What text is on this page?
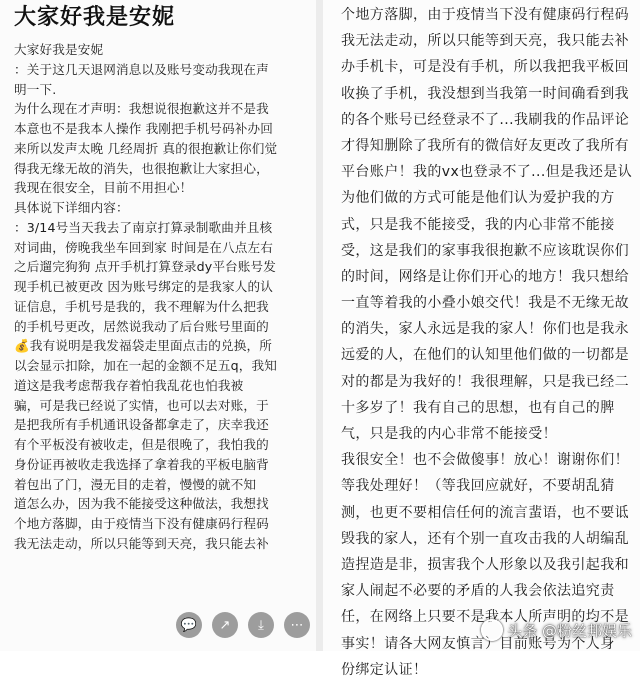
大家好我是安妮
大家好我是安妮
：关于这几天退网消息以及账号变动我现在声
明一下.
为什么现在才声明：我想说很抱歉这并不是我
本意也不是我本人操作 我刚把手机号码补办回
来所以发声太晚 几经周折 真的很抱歉让你们觉
得我无缘无故的消失，也很抱歉让大家担心，
我现在很安全，目前不用担心！
具体说下详细内容：
：3/14号当天我去了南京打算录制歌曲并且核
对词曲，傍晚我坐车回到家 时间是在八点左右
之后遛完狗狗 点开手机打算登录dy平台账号发
现手机已被更改 因为账号绑定的是我家人的认
证信息，手机号是我的，我不理解为什么把我
的手机号更改，居然说我动了后台账号里面的
💰我有说明是我发福袋走里面点击的兑换，所
以会显示扣除，加在一起的金额不足五q，我知
道这是我考虑帮我存着怕我乱花也怕我被
骗，可是我已经说了实情，也可以去对账，于
是把我所有手机通讯设备都拿走了，庆幸我还
有个平板没有被收走，但是很晚了，我怕我的
身份证再被收走我选择了拿着我的平板电脑背
着包出了门，漫无目的走着，慢慢的就不知
道怎么办，因为我不能接受这种做法，我想找
个地方落脚，由于疫情当下没有健康码行程码
我无法走动，所以只能等到天亮，我只能去补
💬	↗	⤓	⋯
个地方落脚，由于疫情当下没有健康码行程码
我无法走动，所以只能等到天亮，我只能去补
办手机卡，可是没有手机，所以我把我平板回
收换了手机，我没想到当我第一时间确看到我
的各个账号已经登录不了...我刷我的作品评论
才得知删除了我所有的微信好友更改了我所有
平台账户！我的vx也登录不了...但是我还是认
为他们做的方式可能是他们认为爱护我的方
式，只是我不能接受，我的内心非常不能接
受，这是我们的家事我很抱歉不应该耽误你们
的时间，网络是让你们开心的地方！我只想给
一直等着我的小叠小娘交代！我是不无缘无故
的消失，家人永远是我的家人！你们也是我永
远爱的人，在他们的认知里他们做的一切都是
对的都是为我好的！我很理解，只是我已经二
十多岁了！我有自己的思想，也有自己的脾
气，只是我的内心非常不能接受！
我很安全！也不会做傻事！放心！谢谢你们！
等我处理好！（等我回应就好，不要胡乱猜
测，也更不要相信任何的流言蜚语，也不要诋
毁我的家人，还有个别一直攻击我的人胡编乱
造捏造是非，损害我个人形象以及我引起我和
家人闹起不必要的矛盾的人我会依法追究责
任，在网络上只要不是我本人所声明的均不是
事实！请各大网友慎言）目前账号为个人身
份绑定认证！
头条 @粉丝邦娱乐
